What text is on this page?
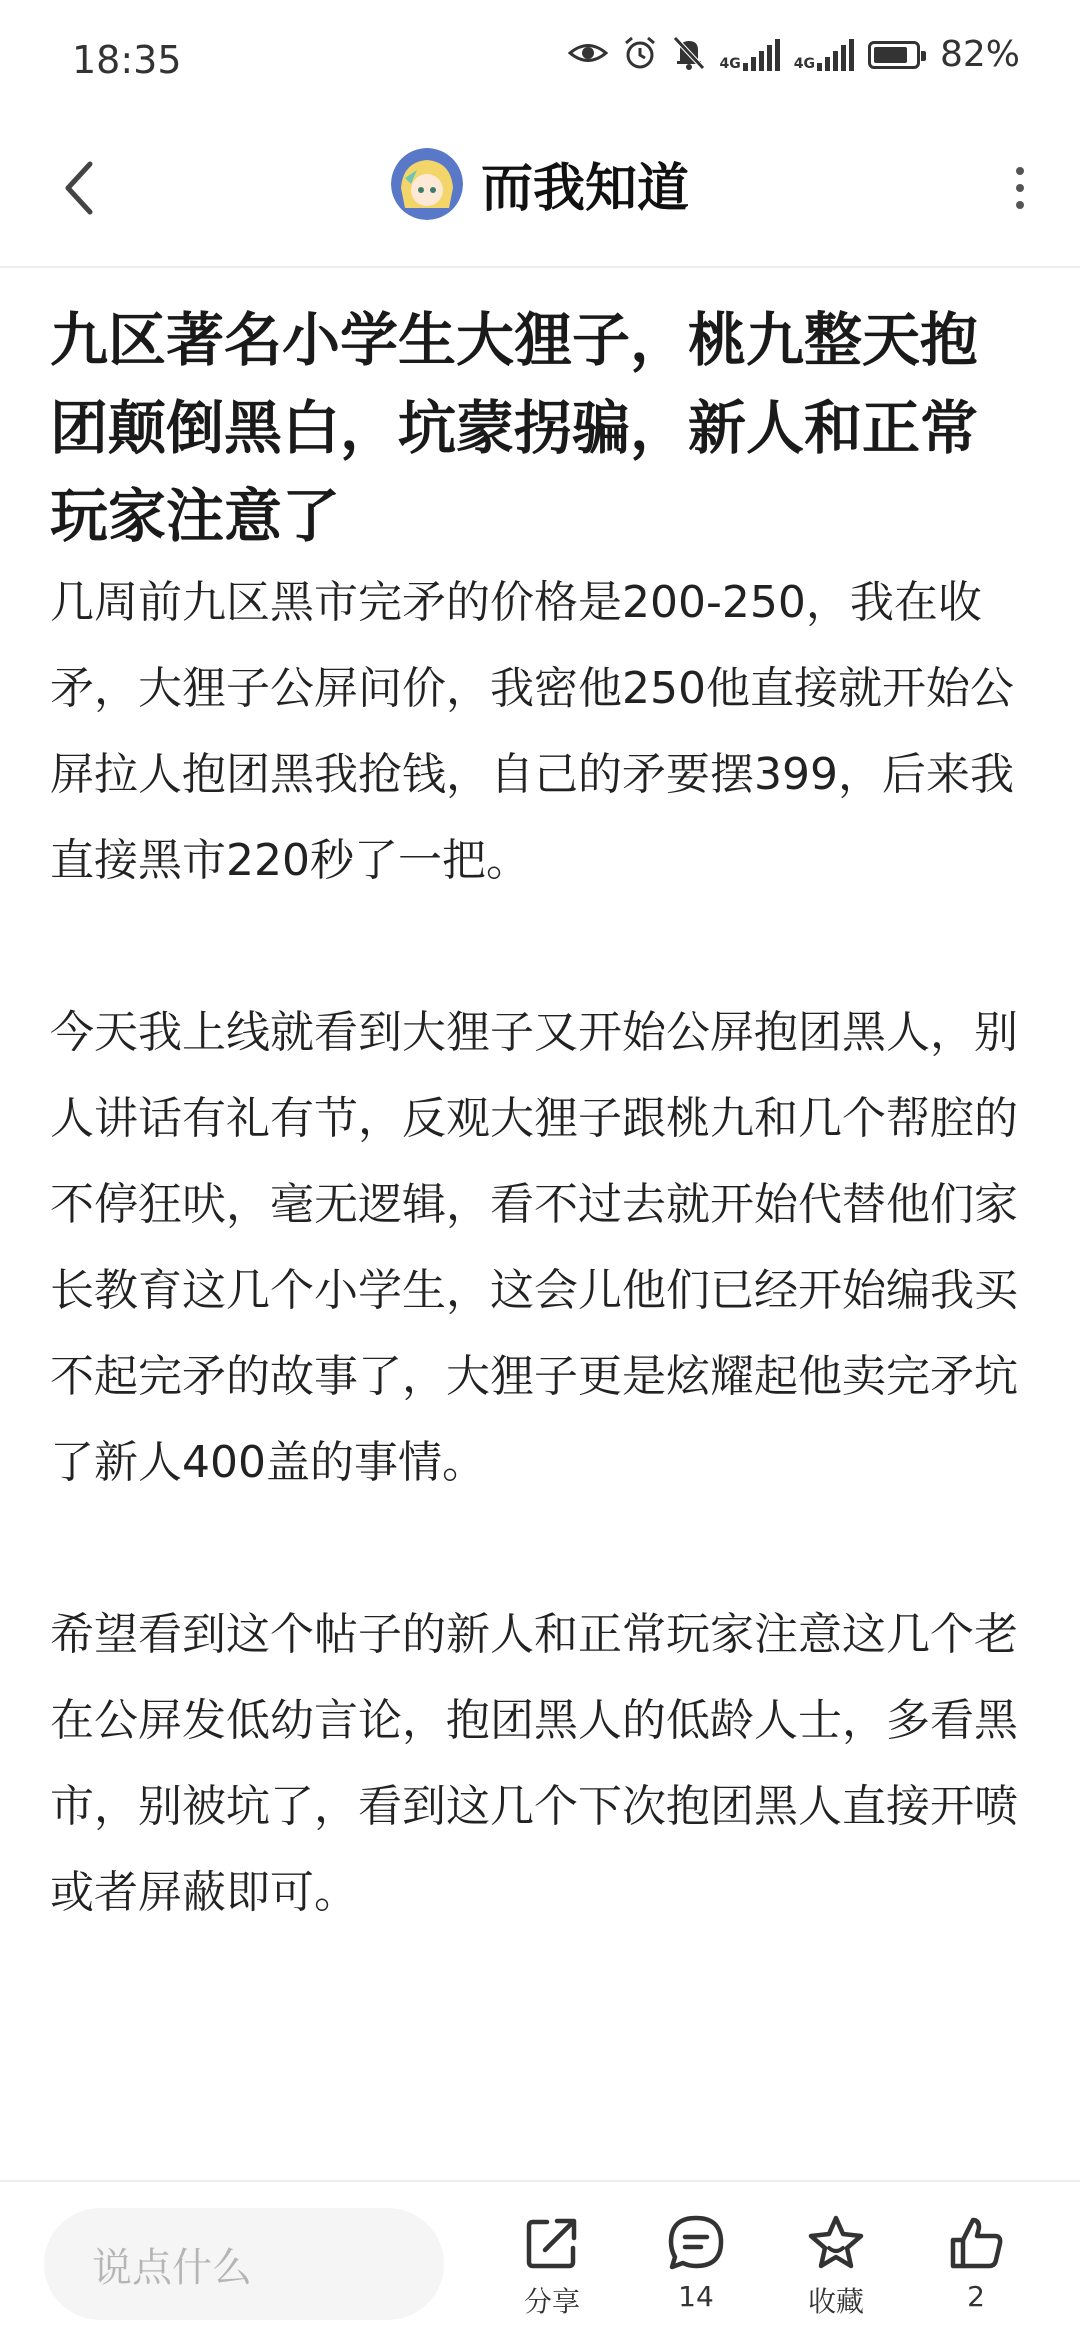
18:35	4G	4G	82%
而我知道
九区著名小学生大狸子，桃九整天抱团颠倒黑白，坑蒙拐骗，新人和正常玩家注意了

几周前九区黑市完矛的价格是200-250，我在收矛，大狸子公屏问价，我密他250他直接就开始公屏拉人抱团黑我抢钱，自己的矛要摆399，后来我直接黑市220秒了一把。

今天我上线就看到大狸子又开始公屏抱团黑人，别人讲话有礼有节，反观大狸子跟桃九和几个帮腔的不停狂吠，毫无逻辑，看不过去就开始代替他们家长教育这几个小学生，这会儿他们已经开始编我买不起完矛的故事了，大狸子更是炫耀起他卖完矛坑了新人400盖的事情。

希望看到这个帖子的新人和正常玩家注意这几个老在公屏发低幼言论，抱团黑人的低龄人士，多看黑市，别被坑了，看到这几个下次抱团黑人直接开喷或者屏蔽即可。

说点什么
分享	14	收藏	2
